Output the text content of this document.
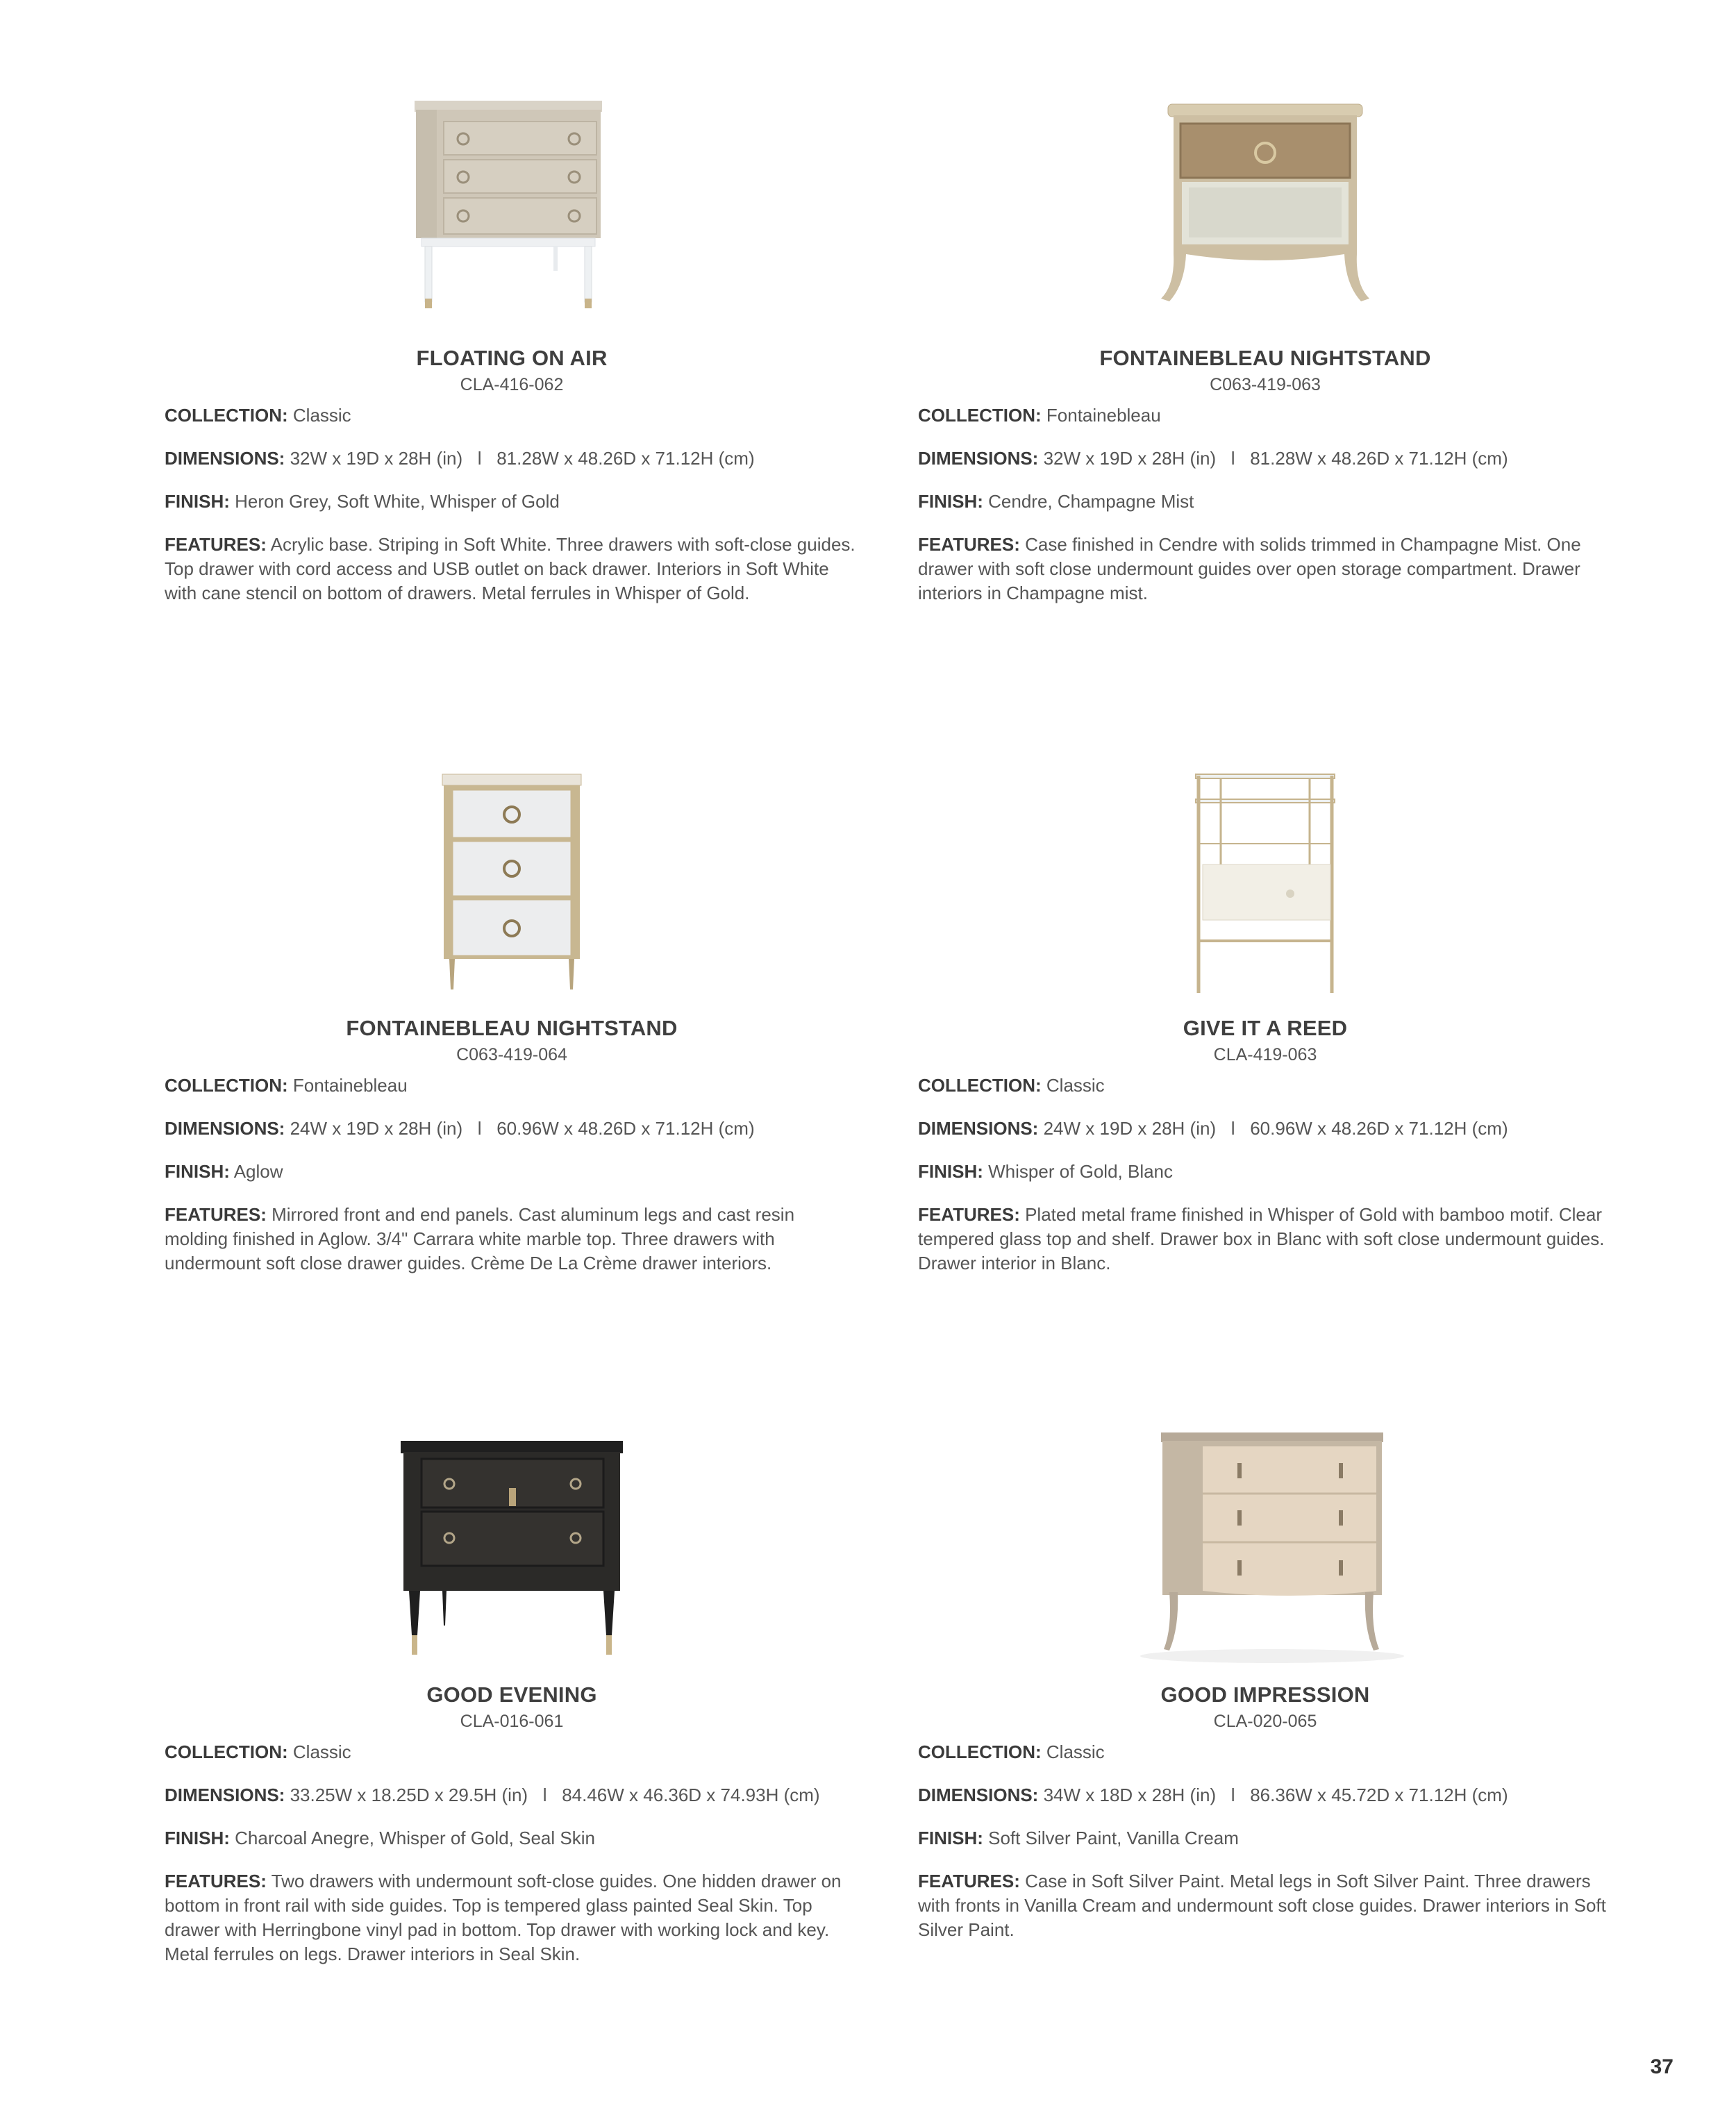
FLOATING ON AIR
CLA-416-062

COLLECTION: Classic

DIMENSIONS: 32W x 19D x 28H (in)   l   81.28W x 48.26D x 71.12H (cm)

FINISH: Heron Grey, Soft White, Whisper of Gold

FEATURES: Acrylic base. Striping in Soft White. Three drawers with soft-close guides. Top drawer with cord access and USB outlet on back drawer. Interiors in Soft White with cane stencil on bottom of drawers. Metal ferrules in Whisper of Gold.

FONTAINEBLEAU NIGHTSTAND
C063-419-063

COLLECTION: Fontainebleau

DIMENSIONS: 32W x 19D x 28H (in)   l   81.28W x 48.26D x 71.12H (cm)

FINISH: Cendre, Champagne Mist

FEATURES: Case finished in Cendre with solids trimmed in Champagne Mist. One drawer with soft close undermount guides over open storage compartment. Drawer interiors in Champagne mist.

FONTAINEBLEAU NIGHTSTAND
C063-419-064

COLLECTION: Fontainebleau

DIMENSIONS: 24W x 19D x 28H (in)   l   60.96W x 48.26D x 71.12H (cm)

FINISH: Aglow

FEATURES: Mirrored front and end panels. Cast aluminum legs and cast resin molding finished in Aglow. 3/4" Carrara white marble top. Three drawers with undermount soft close drawer guides. Crème De La Crème drawer interiors.

GIVE IT A REED
CLA-419-063

COLLECTION: Classic

DIMENSIONS: 24W x 19D x 28H (in)   l   60.96W x 48.26D x 71.12H (cm)

FINISH: Whisper of Gold, Blanc

FEATURES: Plated metal frame finished in Whisper of Gold with bamboo motif. Clear tempered glass top and shelf. Drawer box in Blanc with soft close undermount guides. Drawer interior in Blanc.

GOOD EVENING
CLA-016-061

COLLECTION: Classic

DIMENSIONS: 33.25W x 18.25D x 29.5H (in)   l   84.46W x 46.36D x 74.93H (cm)

FINISH: Charcoal Anegre, Whisper of Gold, Seal Skin

FEATURES: Two drawers with undermount soft-close guides. One hidden drawer on bottom in front rail with side guides. Top is tempered glass painted Seal Skin. Top drawer with Herringbone vinyl pad in bottom. Top drawer with working lock and key. Metal ferrules on legs. Drawer interiors in Seal Skin.

GOOD IMPRESSION
CLA-020-065

COLLECTION: Classic

DIMENSIONS: 34W x 18D x 28H (in)   l   86.36W x 45.72D x 71.12H (cm)

FINISH: Soft Silver Paint, Vanilla Cream

FEATURES: Case in Soft Silver Paint. Metal legs in Soft Silver Paint. Three drawers with fronts in Vanilla Cream and undermount soft close guides. Drawer interiors in Soft Silver Paint.

37
